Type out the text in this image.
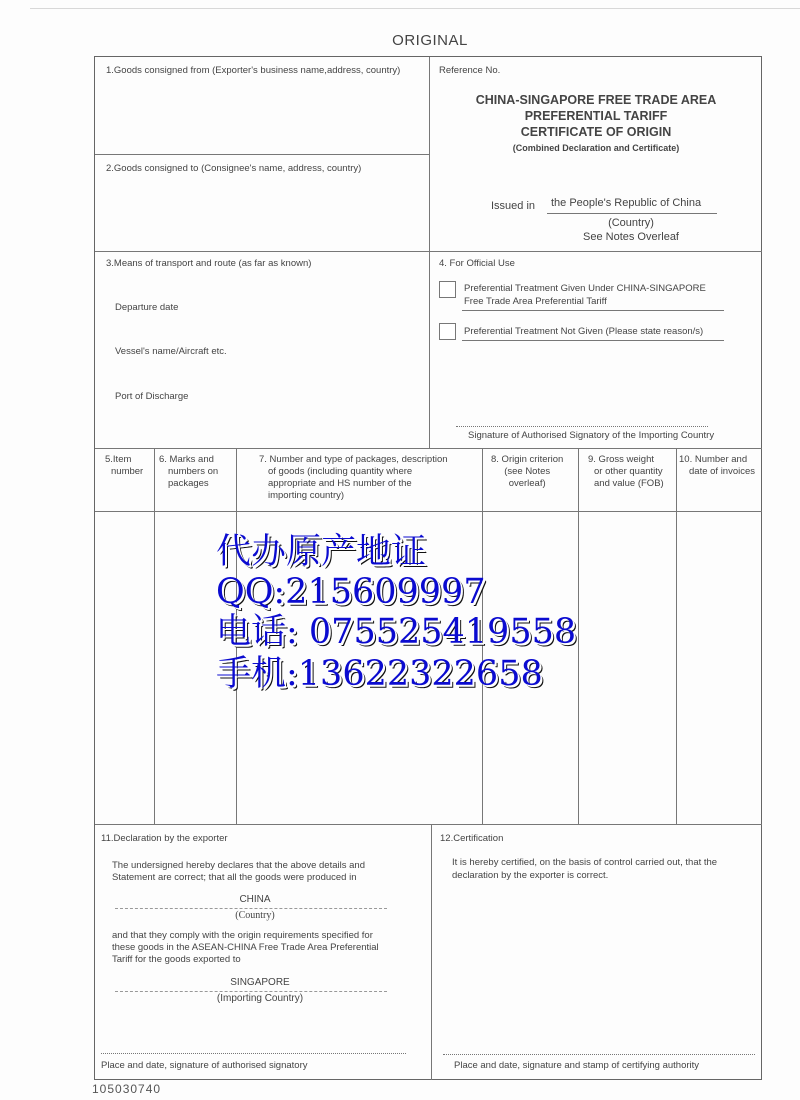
ORIGINAL
1.Goods consigned from (Exporter's business name,address, country)
2.Goods consigned to (Consignee's name, address, country)
3.Means of transport and route (as far as known)
Departure date
Vessel's name/Aircraft etc.
Port of Discharge
Reference No.
CHINA-SINGAPORE FREE TRADE AREA
PREFERENTIAL TARIFF
CERTIFICATE OF ORIGIN
(Combined Declaration and Certificate)
Issued in the People's Republic of China
(Country)
See Notes Overleaf
4. For Official Use
Preferential Treatment Given Under CHINA-SINGAPORE
Free Trade Area Preferential Tariff
Preferential Treatment Not Given (Please state reason/s)
Signature of Authorised Signatory of the Importing Country
5.Item
number
6. Marks and
numbers on
packages
7. Number and type of packages, description
of goods (including quantity where
appropriate and HS number of the
importing country)
8. Origin criterion
(see Notes
overleaf)
9. Gross weight
or other quantity
and value (FOB)
10. Number and
date of invoices
11.Declaration by the exporter
The undersigned hereby declares that the above details and
Statement are correct; that all the goods were produced in
CHINA
(Country)
and that they comply with the origin requirements specified for
these goods in the ASEAN-CHINA Free Trade Area Preferential
Tariff for the goods exported to
SINGAPORE
(Importing Country)
Place and date, signature of authorised signatory
12.Certification
It is hereby certified, on the basis of control carried out, that the
declaration by the exporter is correct.
Place and date, signature and stamp of certifying authority
代办原产地证
QQ:215609997
电话: 075525419558
手机:13622322658
105030740
